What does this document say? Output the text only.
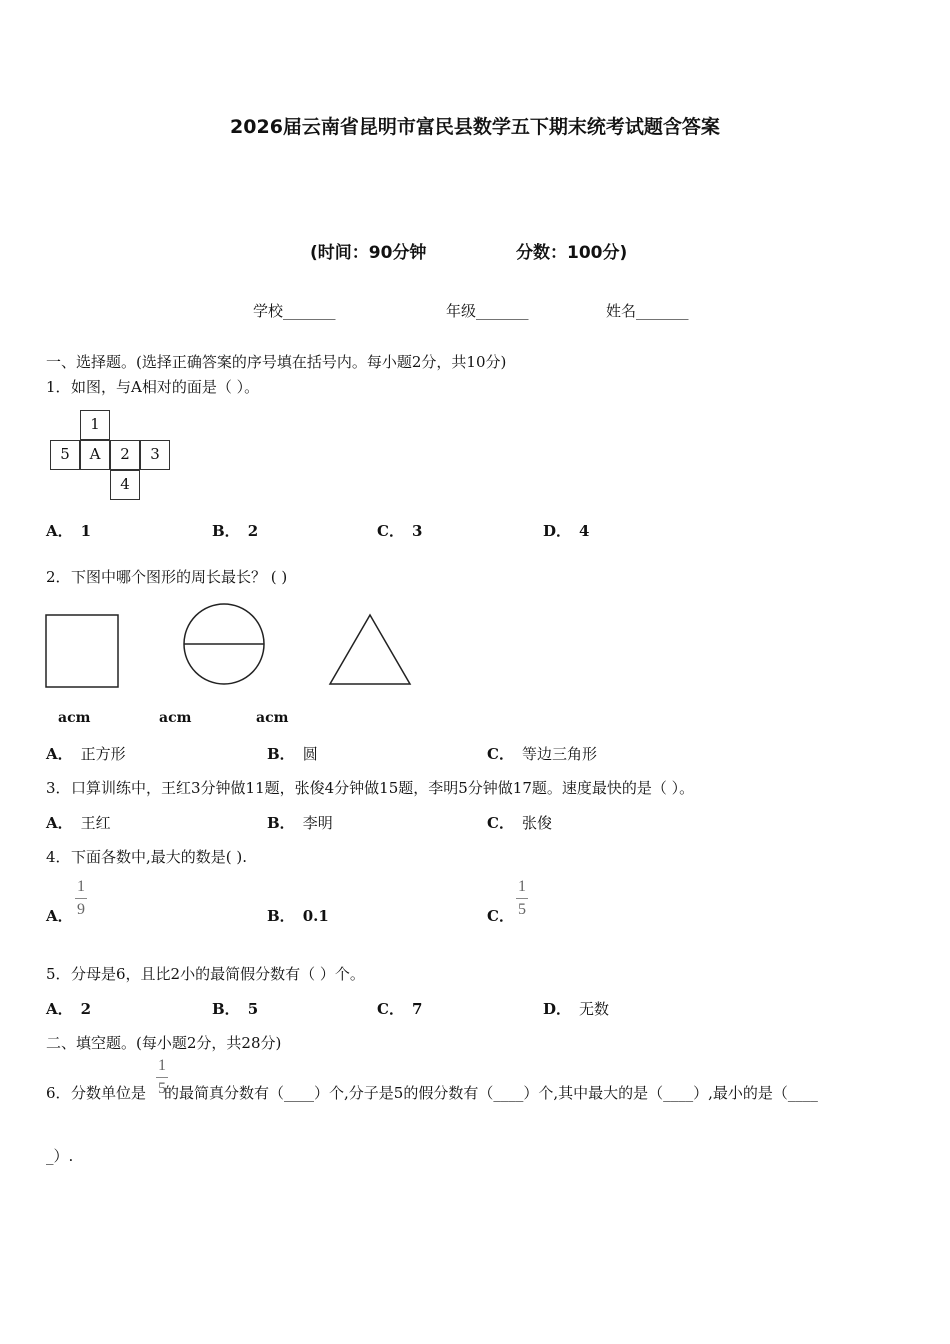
2026届云南省昆明市富民县数学五下期末统考试题含答案
(时间：90分钟	分数：100分)
学校_______	年级_______	姓名_______
一、选择题。(选择正确答案的序号填在括号内。每小题2分，共10分)
1．如图，与A相对的面是（ ）。
1
5	A	2	3
4
A． 1	B． 2	C． 3	D． 4
2．下图中哪个图形的周长最长？ ( )
acm	acm	acm
A． 正方形	B． 圆	C． 等边三角形
3．口算训练中，王红3分钟做11题，张俊4分钟做15题，李明5分钟做17题。速度最快的是（ ）。
A． 王红	B． 李明	C． 张俊
4．下面各数中,最大的数是( ).
A． $\frac{1}{9}$	B． 0.1	C． $\frac{1}{5}$
5．分母是6，且比2小的最简假分数有（ ）个。
A． 2	B． 5	C． 7	D． 无数
二、填空题。(每小题2分，共28分)
6．分数单位是 的最简真分数有（____）个,分子是5的假分数有（____）个,其中最大的是（____）,最小的是（____
$\frac{1}{5}$
_）.
